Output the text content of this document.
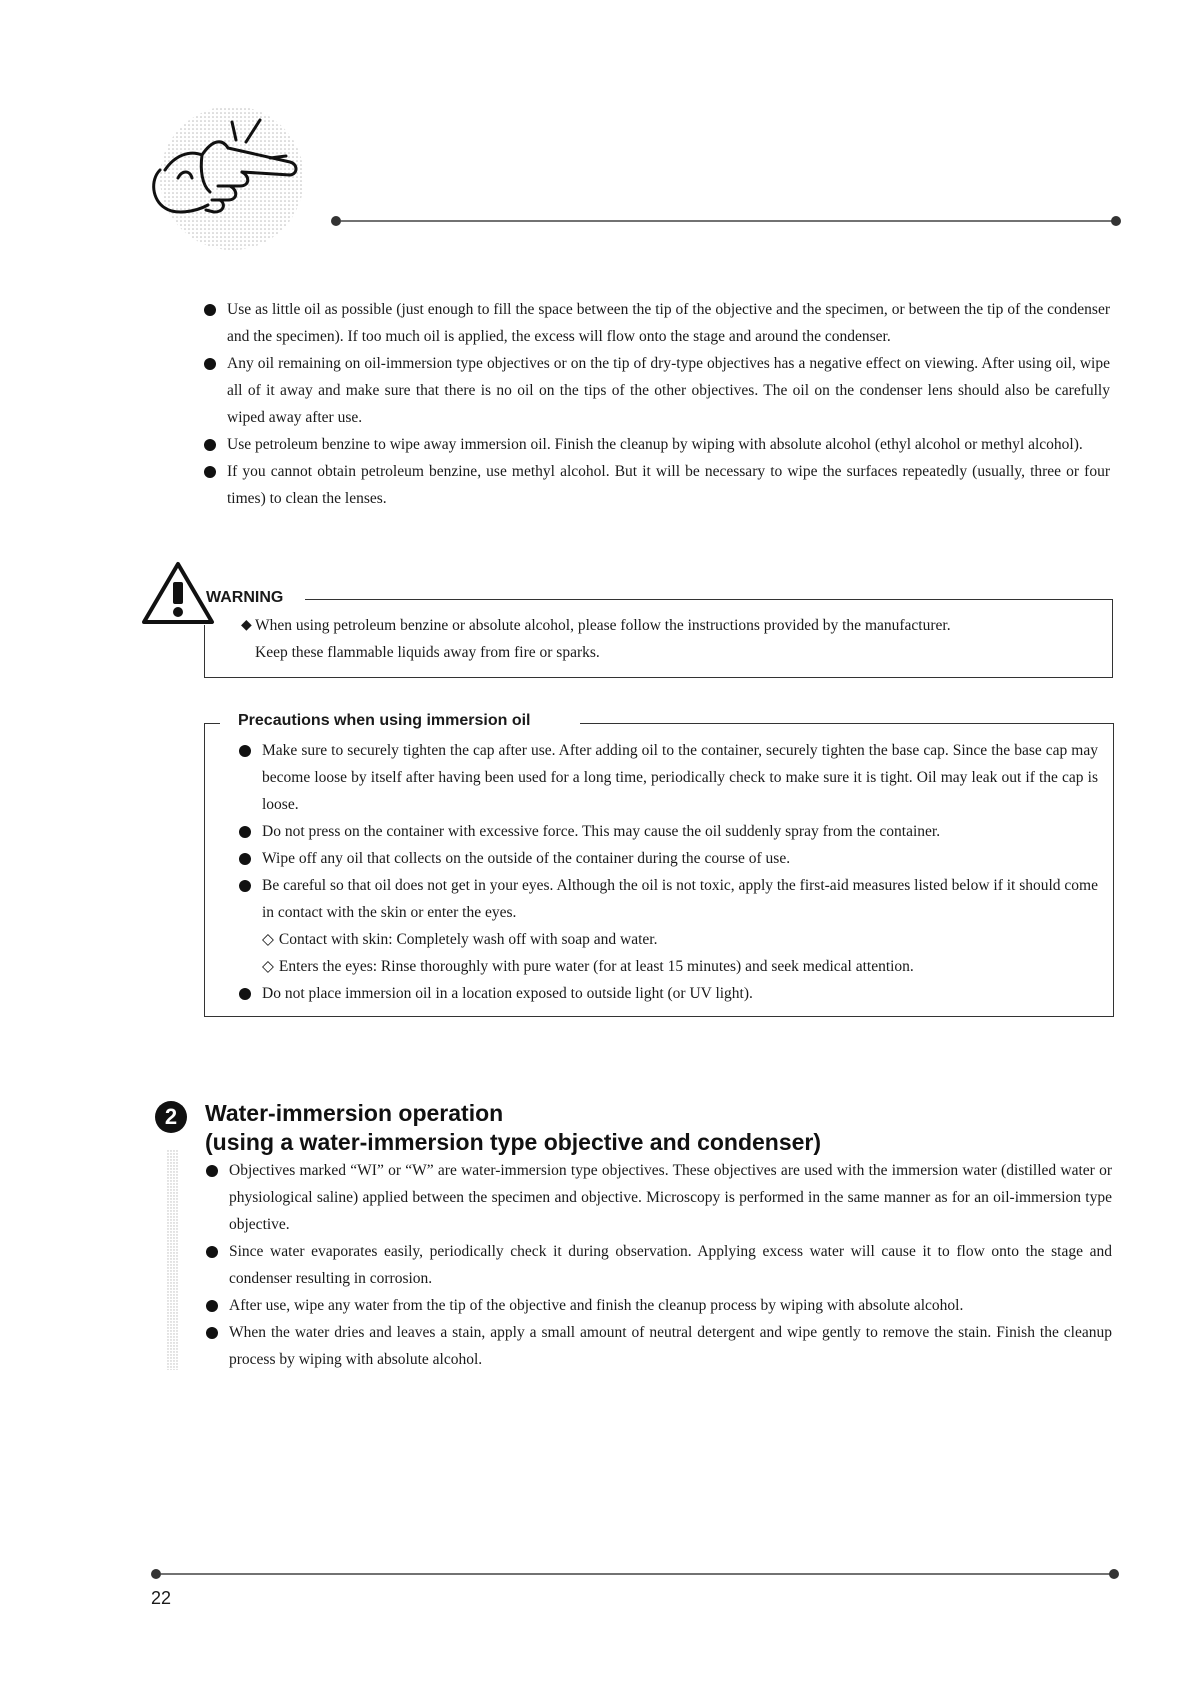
Use as little oil as possible (just enough to fill the space between the tip of the objective and the specimen, or between the tip of the condenser and the specimen). If too much oil is applied, the excess will flow onto the stage and around the condenser.
Any oil remaining on oil-immersion type objectives or on the tip of dry-type objectives has a negative effect on viewing. After using oil, wipe all of it away and make sure that there is no oil on the tips of the other objectives. The oil on the condenser lens should also be carefully wiped away after use.
Use petroleum benzine to wipe away immersion oil. Finish the cleanup by wiping with absolute alcohol (ethyl alcohol or methyl alcohol).
If you cannot obtain petroleum benzine, use methyl alcohol. But it will be necessary to wipe the surfaces repeatedly (usually, three or four times) to clean the lenses.
WARNING
◆ When using petroleum benzine or absolute alcohol, please follow the instructions provided by the manufacturer.

Keep these flammable liquids away from fire or sparks.

Precautions when using immersion oil
Make sure to securely tighten the cap after use. After adding oil to the container, securely tighten the base cap. Since the base cap may become loose by itself after having been used for a long time, periodically check to make sure it is tight. Oil may leak out if the cap is loose.
Do not press on the container with excessive force. This may cause the oil suddenly spray from the container.
Wipe off any oil that collects on the outside of the container during the course of use.
Be careful so that oil does not get in your eyes. Although the oil is not toxic, apply the first-aid measures listed below if it should come in contact with the skin or enter the eyes.
◇ Contact with skin: Completely wash off with soap and water.
◇ Enters the eyes: Rinse thoroughly with pure water (for at least 15 minutes) and seek medical attention.
Do not place immersion oil in a location exposed to outside light (or UV light).
2	Water-immersion operation
(using a water-immersion type objective and condenser)
Objectives marked “WI” or “W” are water-immersion type objectives. These objectives are used with the immersion water (distilled water or physiological saline) applied between the specimen and objective. Microscopy is performed in the same manner as for an oil-immersion type objective.
Since water evaporates easily, periodically check it during observation. Applying excess water will cause it to flow onto the stage and condenser resulting in corrosion.
After use, wipe any water from the tip of the objective and finish the cleanup process by wiping with absolute alcohol.
When the water dries and leaves a stain, apply a small amount of neutral detergent and wipe gently to remove the stain. Finish the cleanup process by wiping with absolute alcohol.
22
